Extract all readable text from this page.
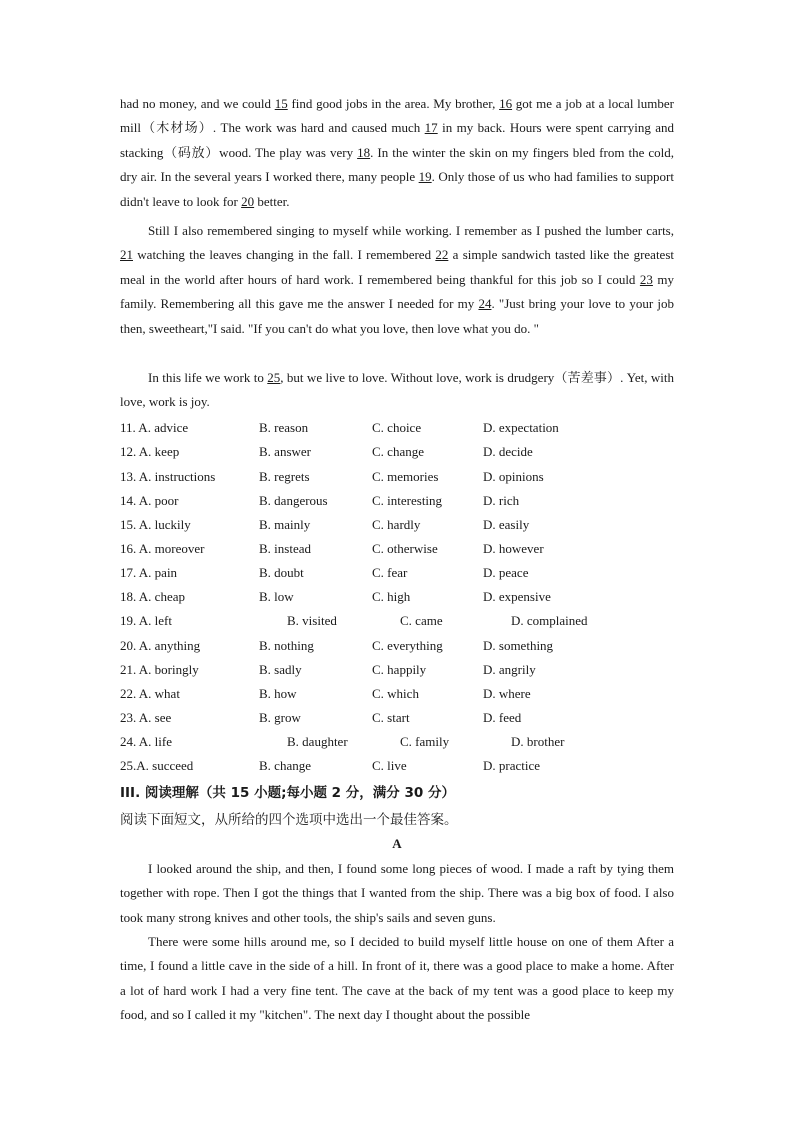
had no money, and we could 15 find good jobs in the area. My brother, 16 got me a job at a local lumber mill（木材场）. The work was hard and caused much 17 in my back. Hours were spent carrying and stacking（码放）wood. The play was very 18. In the winter the skin on my fingers bled from the cold, dry air. In the several years I worked there, many people 19. Only those of us who had families to support didn't leave to look for 20 better.

Still I also remembered singing to myself while working. I remember as I pushed the lumber carts, 21 watching the leaves changing in the fall. I remembered 22 a simple sandwich tasted like the greatest meal in the world after hours of hard work. I remembered being thankful for this job so I could 23 my family. Remembering all this gave me the answer I needed for my 24. "Just bring your love to your job then, sweetheart,"I said. "If you can't do what you love, then love what you do. "

In this life we work to 25, but we live to love. Without love, work is drudgery（苦差事）. Yet, with love, work is joy.

11. A. advice	B. reason	C. choice	D. expectation
12. A. keep	B. answer	C. change	D. decide
13. A. instructions	B. regrets	C. memories	D. opinions
14. A. poor	B. dangerous	C. interesting	D. rich
15. A. luckily	B. mainly	C. hardly	D. easily
16. A. moreover	B. instead	C. otherwise	D. however
17. A. pain	B. doubt	C. fear	D. peace
18. A. cheap	B. low	C. high	D. expensive
19. A. left	B. visited	C. came	D. complained
20. A. anything	B. nothing	C. everything	D. something
21. A. boringly	B. sadly	C. happily	D. angrily
22. A. what	B. how	C. which	D. where
23. A. see	B. grow	C. start	D. feed
24. A. life	B. daughter	C. family	D. brother
25.A. succeed	B. change	C. live	D. practice
III. 阅读理解（共 15 小题;每小题 2 分，满分 30 分）
阅读下面短文，从所给的四个选项中选出一个最佳答案。
A

I looked around the ship, and then, I found some long pieces of wood. I made a raft by tying them together with rope. Then I got the things that I wanted from the ship. There was a big box of food. I also took many strong knives and other tools, the ship's sails and seven guns.

There were some hills around me, so I decided to build myself little house on one of them After a time, I found a little cave in the side of a hill. In front of it, there was a good place to make a home. After a lot of hard work I had a very fine tent. The cave at the back of my tent was a good place to keep my food, and so I called it my "kitchen". The next day I thought about the possible
